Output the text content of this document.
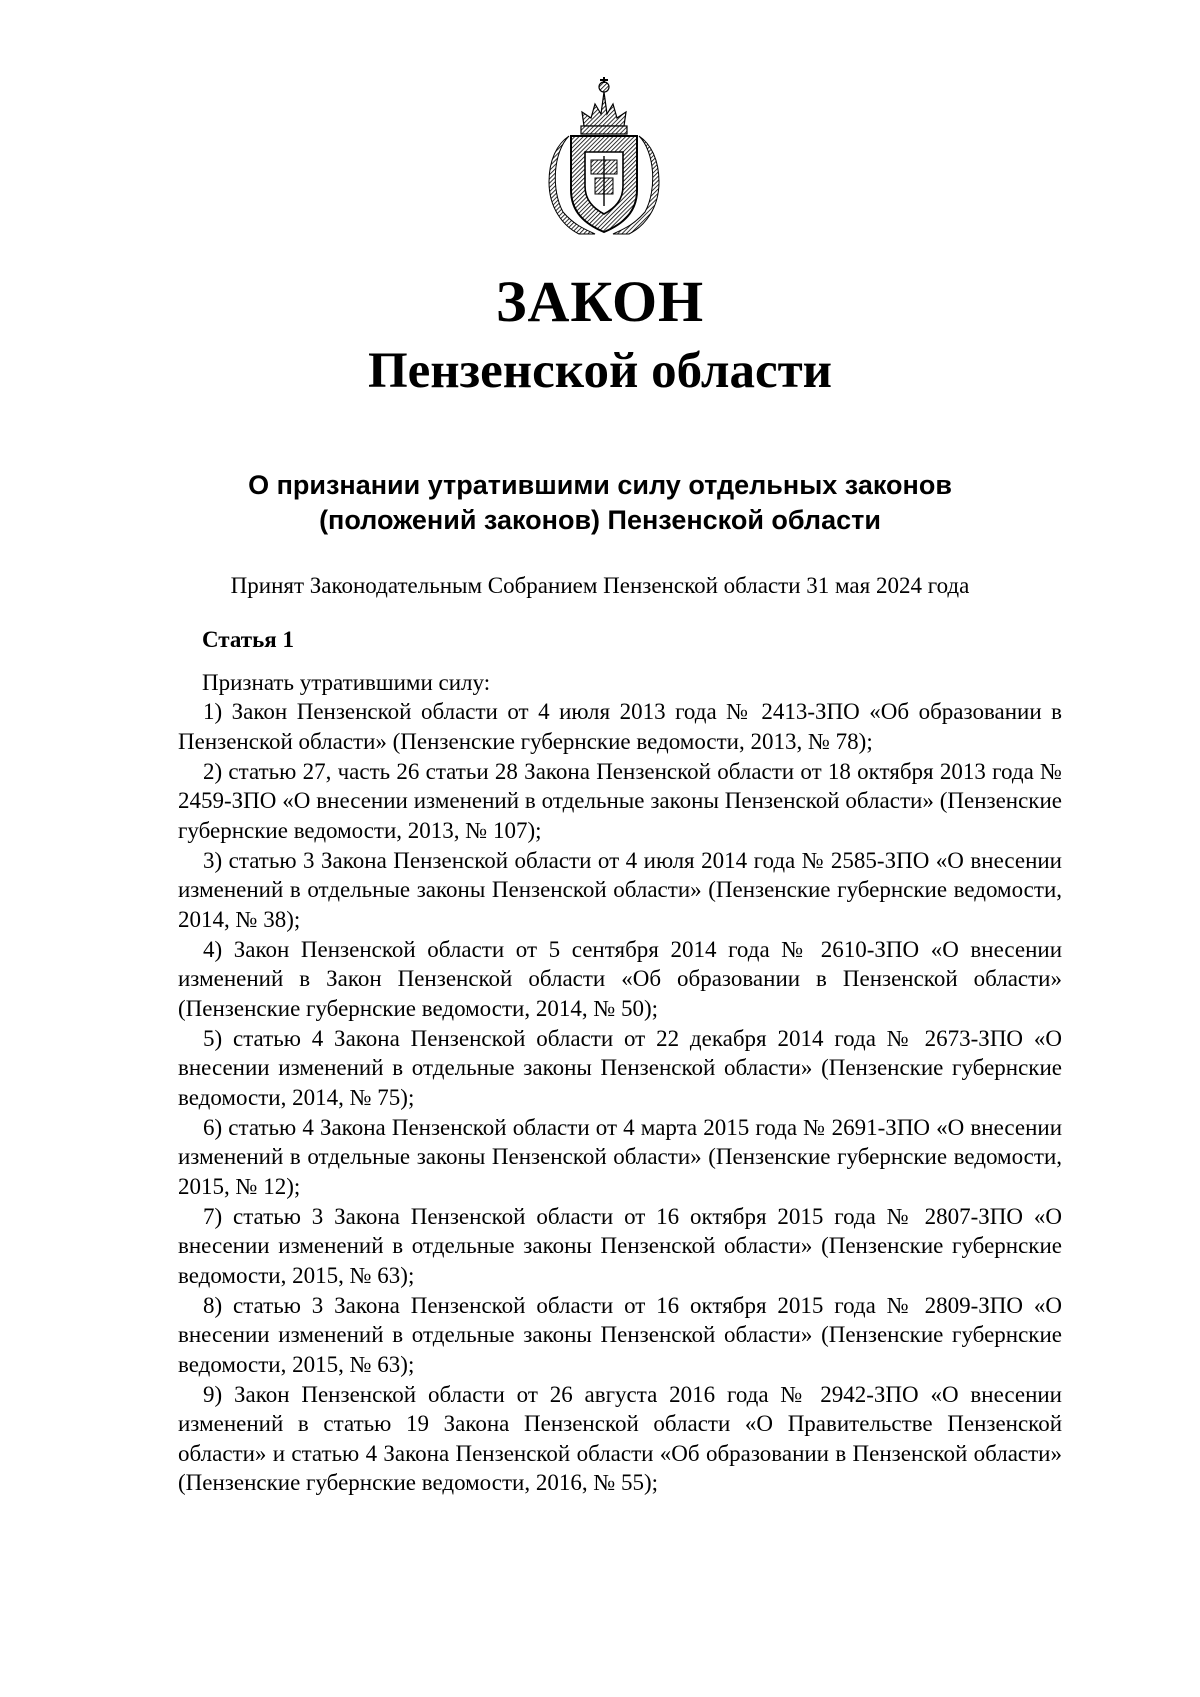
ЗАКОН
Пензенской области
О признании утратившими силу отдельных законов
(положений законов) Пензенской области
Принят Законодательным Собранием Пензенской области 31 мая 2024 года
Статья 1
Признать утратившими силу:

1) Закон Пензенской области от 4 июля 2013 года № 2413-ЗПО «Об образовании в Пензенской области» (Пензенские губернские ведомости, 2013, № 78);

2) статью 27, часть 26 статьи 28 Закона Пензенской области от 18 октября 2013 года № 2459-ЗПО «О внесении изменений в отдельные законы Пензенской области» (Пензенские губернские ведомости, 2013, № 107);

3) статью 3 Закона Пензенской области от 4 июля 2014 года № 2585-ЗПО «О внесении изменений в отдельные законы Пензенской области» (Пензенские губернские ведомости, 2014, № 38);

4) Закон Пензенской области от 5 сентября 2014 года № 2610-ЗПО «О внесении изменений в Закон Пензенской области «Об образовании в Пензенской области» (Пензенские губернские ведомости, 2014, № 50);

5) статью 4 Закона Пензенской области от 22 декабря 2014 года № 2673-ЗПО «О внесении изменений в отдельные законы Пензенской области» (Пензенские губернские ведомости, 2014, № 75);

6) статью 4 Закона Пензенской области от 4 марта 2015 года № 2691-ЗПО «О внесении изменений в отдельные законы Пензенской области» (Пензенские губернские ведомости, 2015, № 12);

7) статью 3 Закона Пензенской области от 16 октября 2015 года № 2807-ЗПО «О внесении изменений в отдельные законы Пензенской области» (Пензенские губернские ведомости, 2015, № 63);

8) статью 3 Закона Пензенской области от 16 октября 2015 года № 2809-ЗПО «О внесении изменений в отдельные законы Пензенской области» (Пензенские губернские ведомости, 2015, № 63);

9) Закон Пензенской области от 26 августа 2016 года № 2942-ЗПО «О внесении изменений в статью 19 Закона Пензенской области «О Правительстве Пензенской области» и статью 4 Закона Пензенской области «Об образовании в Пензенской области» (Пензенские губернские ведомости, 2016, № 55);
